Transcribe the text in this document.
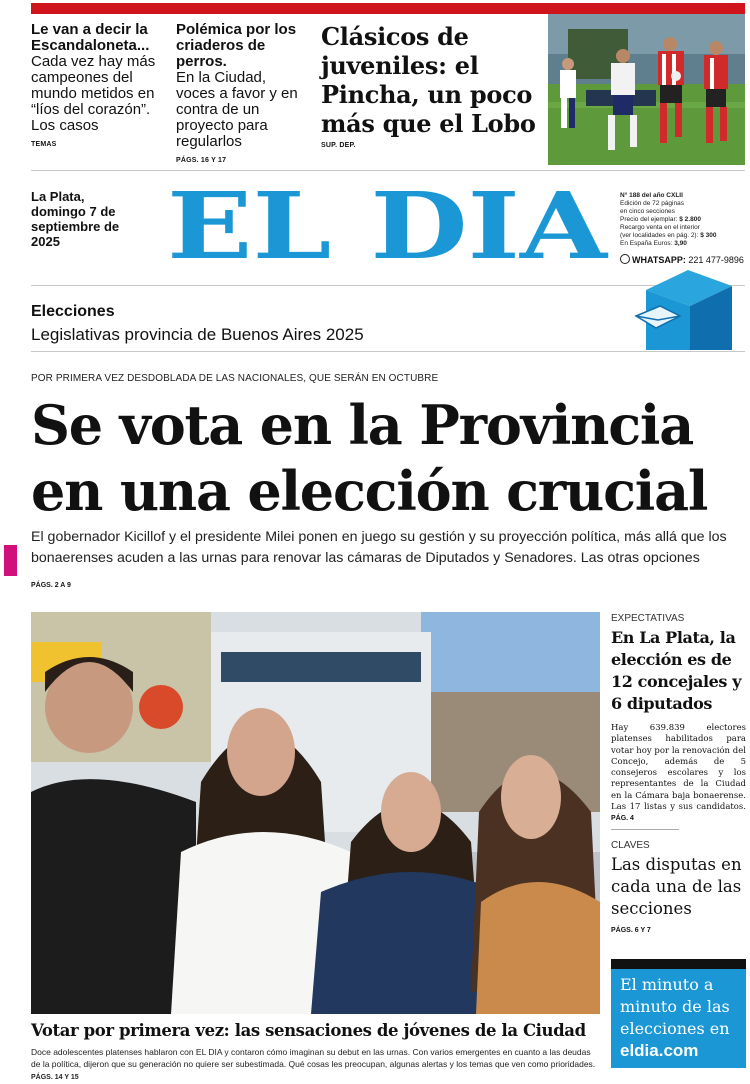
Le van a decir la Escandaloneta...
Cada vez hay más campeones del mundo metidos en “líos del corazón”. Los casos
TEMAS
Polémica por los criaderos de perros.
En la Ciudad, voces a favor y en contra de un proyecto para regularlos
PÁGS. 16 Y 17
Clásicos de juveniles: el Pincha, un poco más que el Lobo
SUP. DEP.
La Plata, domingo 7 de septiembre de 2025	EL DIA N° 188 del año CXLII
Edición de 72 páginas
en cinco secciones
Precio del ejemplar: $ 2.800
Recargo venta en el interior
(ver localidades en pág. 2): $ 300
En España Euros: 3,90
WHATSAPP: 221 477-9896
Elecciones
Legislativas provincia de Buenos Aires 2025
POR PRIMERA VEZ DESDOBLADA DE LAS NACIONALES, QUE SERÁN EN OCTUBRE
Se vota en la Provincia
en una elección crucial
El gobernador Kicillof y el presidente Milei ponen en juego su gestión y su proyección política, más allá que los bonaerenses acuden a las urnas para renovar las cámaras de Diputados y Senadores. Las otras opciones
PÁGS. 2 A 9
Votar por primera vez: las sensaciones de jóvenes de la Ciudad
Doce adolescentes platenses hablaron con EL DIA y contaron cómo imaginan su debut en las urnas. Con varios emergentes en cuanto a las deudas de la política, dijeron que su generación no quiere ser subestimada. Qué cosas les preocupan, algunas alertas y los temas que ven como prioridades. PÁGS. 14 Y 15
EXPECTATIVAS
En La Plata, la elección es de 12 concejales y 6 diputados
Hay 639.839 electores platenses habilitados para votar hoy por la renovación del Concejo, además de 5 consejeros escolares y los representantes de la Ciudad en la Cámara baja bonaerense. Las 17 listas y sus candidatos. PÁG. 4
CLAVES
Las disputas en cada una de las secciones
PÁGS. 6 Y 7
El minuto a minuto de las elecciones en
eldia.com
